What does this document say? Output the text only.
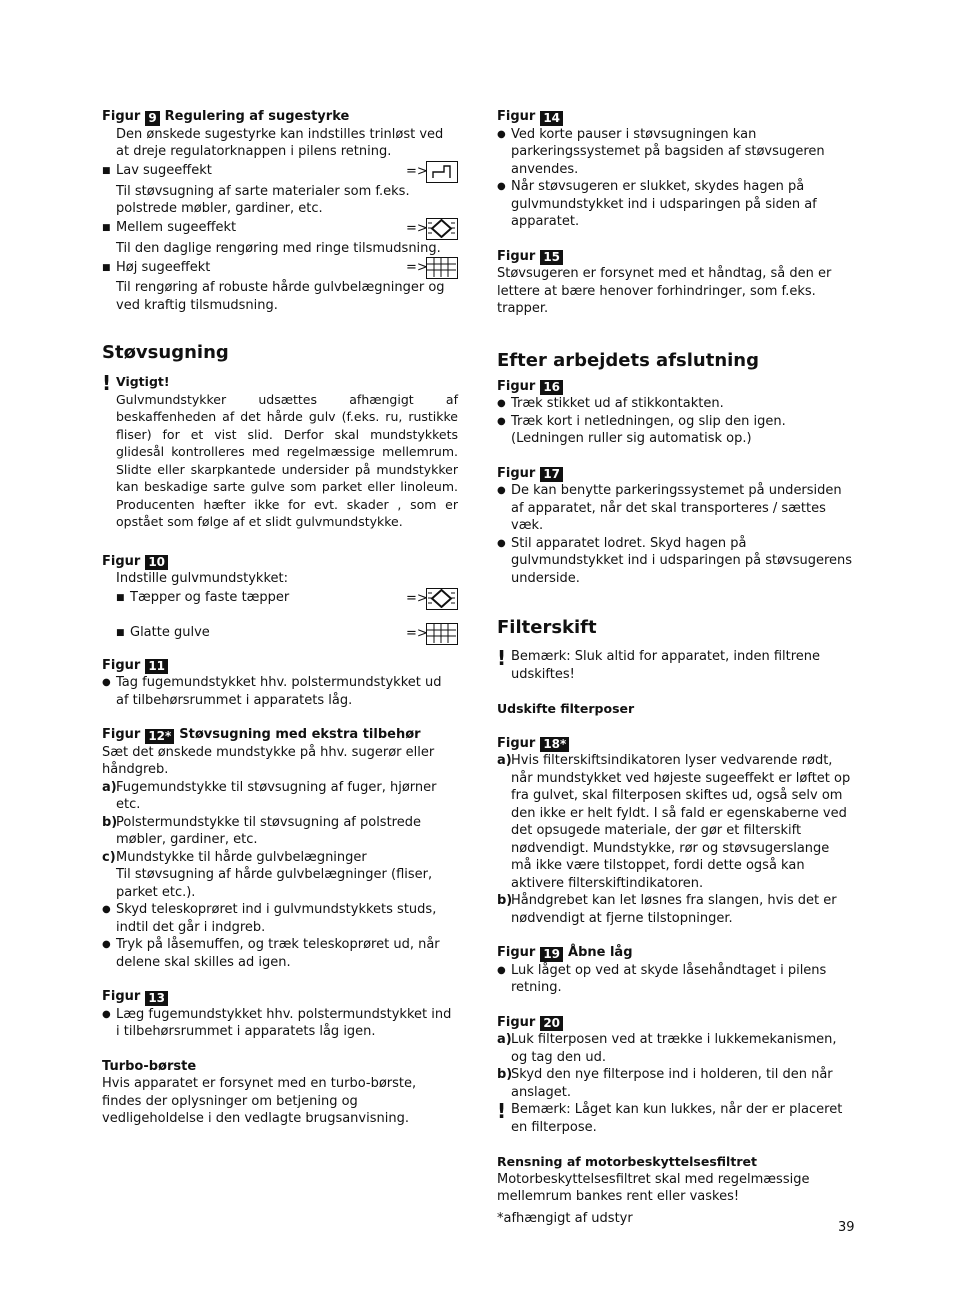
Figur 9 Regulering af sugestyrke

Den ønskede sugestyrke kan indstilles trinløst ved at dreje regulatorknappen i pilens retning.

■ Lav sugeeffekt	=>

Til støvsugning af sarte materialer som f.eks. polstrede møbler, gardiner, etc.

■ Mellem sugeeffekt	=>

Til den daglige rengøring med ringe tilsmudsning.

■ Høj sugeeffekt	=>

Til rengøring af robuste hårde gulvbelægninger og ved kraftig tilsmudsning.

Støvsugning
! Vigtigt!
Gulvmundstykker udsættes afhængigt af beskaffenheden af det hårde gulv (f.eks. ru, rustikke fliser) for et vist slid. Derfor skal mundstykkets glidesål kontrolleres med regelmæssige mellemrum. Slidte eller skarpkantede undersider på mundstykker kan beskadige sarte gulve som parket eller linoleum. Producenten hæfter ikke for evt. skader , som er opstået som følge af et slidt gulvmundstykke.
Figur 10

Indstille gulvmundstykket:

■ Tæpper og faste tæpper	=>
■ Glatte gulve	=>
Figur 11
● Tag fugemundstykket hhv. polstermundstykket ud af tilbehørsrummet i apparatets låg.
Figur 12* Støvsugning med ekstra tilbehør

Sæt det ønskede mundstykke på hhv. sugerør eller håndgreb.

a) Fugemundstykke til støvsugning af fuger, hjørner etc.
b)
Polstermundstykke til støvsugning af polstrede møbler, gardiner, etc.
c) Mundstykke til hårde gulvbelægninger

Til støvsugning af hårde gulvbelægninger (fliser, parket etc.).

● Skyd teleskoprøret ind i gulvmundstykkets studs, indtil det går i indgreb.
● Tryk på låsemuffen, og træk teleskoprøret ud, når delene skal skilles ad igen.
Figur 13
● Læg fugemundstykket hhv. polstermundstykket ind i tilbehørsrummet i apparatets låg igen.
Turbo-børste

Hvis apparatet er forsynet med en turbo-børste, findes der oplysninger om betjening og vedligeholdelse i den vedlagte brugsanvisning.

Figur 14
● Ved korte pauser i støvsugningen kan parkeringssystemet på bagsiden af støvsugeren anvendes.
● Når støvsugeren er slukket, skydes hagen på gulvmundstykket ind i udsparingen på siden af apparatet.
Figur 15

Støvsugeren er forsynet med et håndtag, så den er lettere at bære henover forhindringer, som f.eks. trapper.

Efter arbejdets afslutning
Figur 16
● Træk stikket ud af stikkontakten.
● Træk kort i netledningen, og slip den igen. (Ledningen ruller sig automatisk op.)
Figur 17
● De kan benytte parkeringssystemet på undersiden af apparatet, når det skal transporteres / sættes væk.
● Stil apparatet lodret. Skyd hagen på gulvmundstykket ind i udsparingen på støvsugerens underside.
Filterskift
! Bemærk: Sluk altid for apparatet, inden filtrene udskiftes!
Udskifte filterposer
Figur 18*
a) Hvis filterskiftsindikatoren lyser vedvarende rødt, når mundstykket ved højeste sugeeffekt er løftet op fra gulvet, skal filterposen skiftes ud, også selv om den ikke er helt fyldt. I så fald er egenskaberne ved det opsugede materiale, der gør et filterskift nødvendigt. Mundstykke, rør og støvsugerslange må ikke være tilstoppet, fordi dette også kan aktivere filterskiftindikatoren.
b)
Håndgrebet kan let løsnes fra slangen, hvis det er nødvendigt at fjerne tilstopninger.
Figur 19 Åbne låg
● Luk låget op ved at skyde låsehåndtaget i pilens retning.
Figur 20
a) Luk filterposen ved at trække i lukkemekanismen, og tag den ud.
b)
Skyd den nye filterpose ind i holderen, til den når anslaget.
! Bemærk: Låget kan kun lukkes, når der er placeret en filterpose.
Rensning af motorbeskyttelsesfiltret

Motorbeskyttelsesfiltret skal med regelmæssige mellemrum bankes rent eller vaskes!

*afhængigt af udstyr
39
